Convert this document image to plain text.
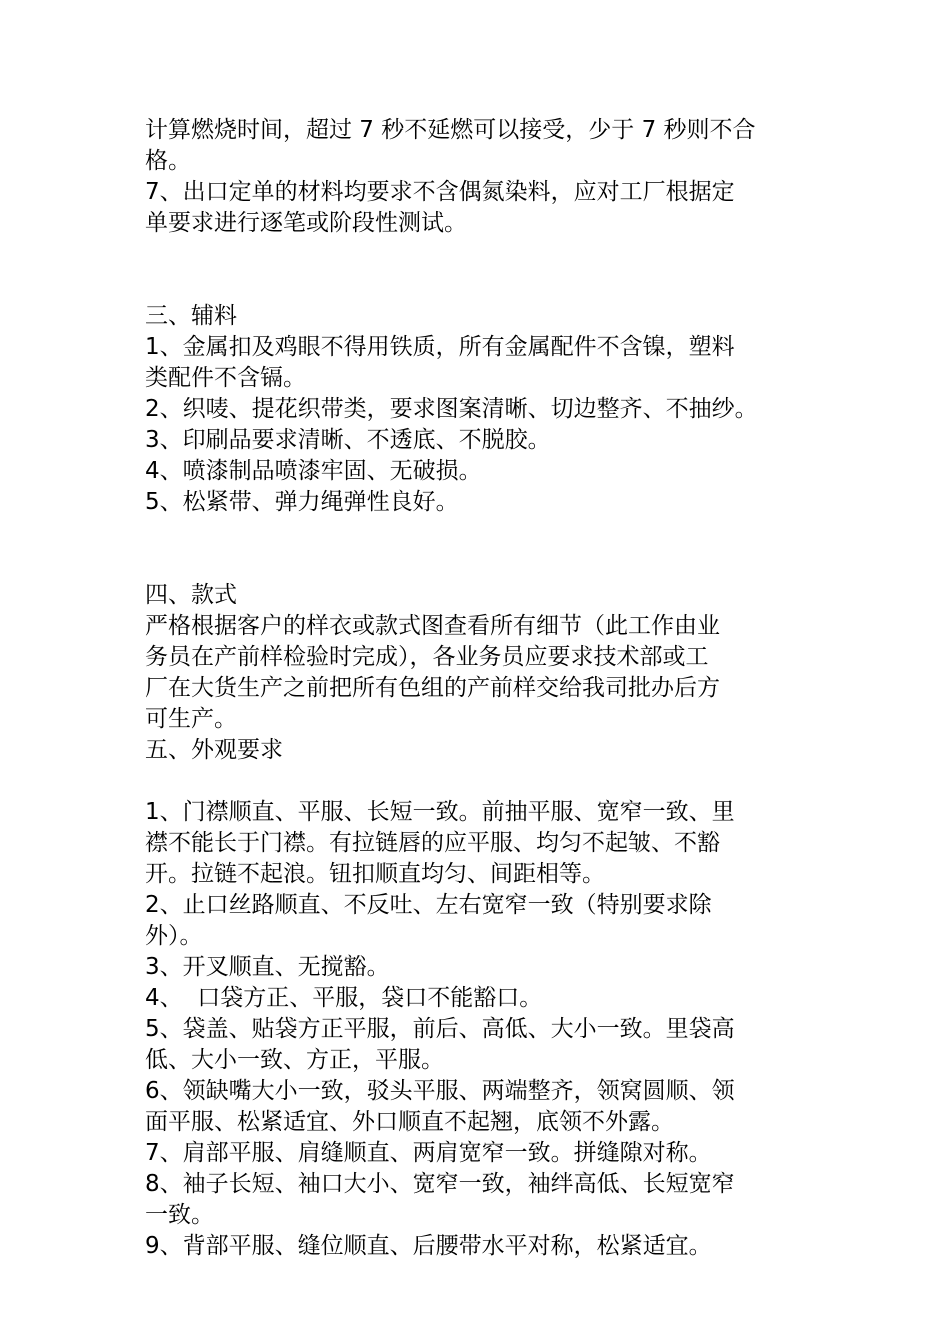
计算燃烧时间，超过 7 秒不延燃可以接受，少于 7 秒则不合

格。

7、出口定单的材料均要求不含偶氮染料，应对工厂根据定

单要求进行逐笔或阶段性测试。

三、辅料

1、金属扣及鸡眼不得用铁质，所有金属配件不含镍，塑料

类配件不含镉。

2、织唛、提花织带类，要求图案清晰、切边整齐、不抽纱。

3、印刷品要求清晰、不透底、不脱胶。

4、喷漆制品喷漆牢固、无破损。

5、松紧带、弹力绳弹性良好。

四、款式

严格根据客户的样衣或款式图查看所有细节（此工作由业

务员在产前样检验时完成），各业务员应要求技术部或工

厂在大货生产之前把所有色组的产前样交给我司批办后方

可生产。

五、外观要求

1、门襟顺直、平服、长短一致。前抽平服、宽窄一致、里

襟不能长于门襟。有拉链唇的应平服、均匀不起皱、不豁

开。拉链不起浪。钮扣顺直均匀、间距相等。

2、止口丝路顺直、不反吐、左右宽窄一致（特别要求除

外）。

3、开叉顺直、无搅豁。

4、  口袋方正、平服，袋口不能豁口。

5、袋盖、贴袋方正平服，前后、高低、大小一致。里袋高

低、大小一致、方正，平服。

6、领缺嘴大小一致，驳头平服、两端整齐，领窝圆顺、领

面平服、松紧适宜、外口顺直不起翘，底领不外露。

7、肩部平服、肩缝顺直、两肩宽窄一致。拼缝隙对称。

8、袖子长短、袖口大小、宽窄一致，袖绊高低、长短宽窄

一致。

9、背部平服、缝位顺直、后腰带水平对称，松紧适宜。
